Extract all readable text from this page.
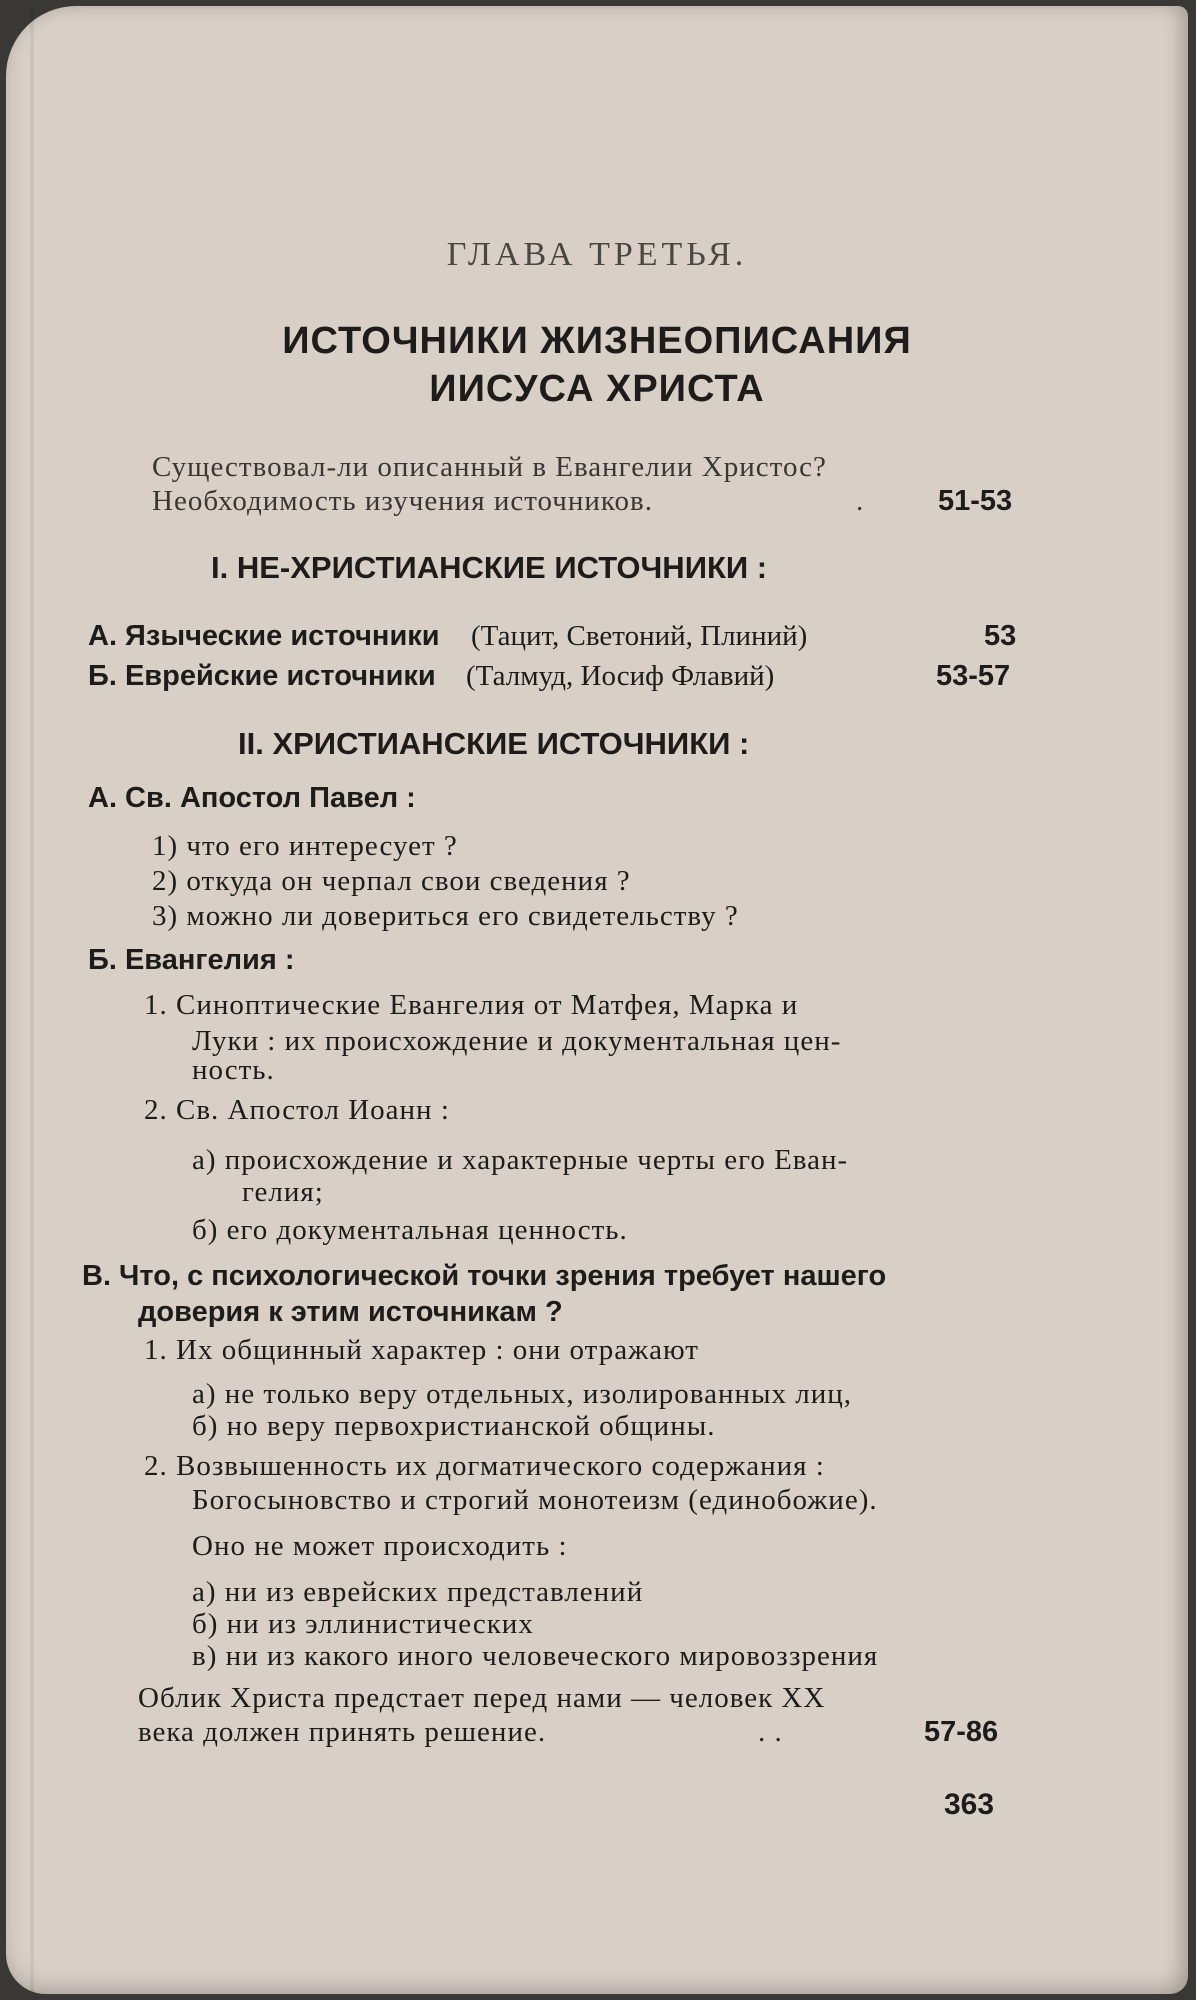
ГЛАВА ТРЕТЬЯ.
ИСТОЧНИКИ ЖИЗНЕОПИСАНИЯ
ИИСУСА ХРИСТА
Существовал-ли описанный в Евангелии Христос?
Необходимость изучения источников.	.	51-53
I. НЕ-ХРИСТИАНСКИЕ ИСТОЧНИКИ :
А. Языческие источники (Тацит, Светоний, Плиний)	53
Б. Еврейские источники (Талмуд, Иосиф Флавий)	53-57
II. ХРИСТИАНСКИЕ ИСТОЧНИКИ :
А. Св. Апостол Павел :
1) что его интересует ?
2) откуда он черпал свои сведения ?
3) можно ли довериться его свидетельству ?
Б. Евангелия :
1. Синоптические Евангелия от Матфея, Марка и
Луки : их происхождение и документальная цен-
ность.
2. Св. Апостол Иоанн :
а) происхождение и характерные черты его Еван-
гелия;
б) его документальная ценность.
В. Что, с психологической точки зрения требует нашего
доверия к этим источникам ?
1. Их общинный характер : они отражают
а) не только веру отдельных, изолированных лиц,
б) но веру первохристианской общины.
2. Возвышенность их догматического содержания :
Богосыновство и строгий монотеизм (единобожие).
Оно не может происходить :
а) ни из еврейских представлений
б) ни из эллинистических
в) ни из какого иного человеческого мировоззрения
Облик Христа предстает перед нами — человек XX
века должен принять решение.	. .	57-86
363
